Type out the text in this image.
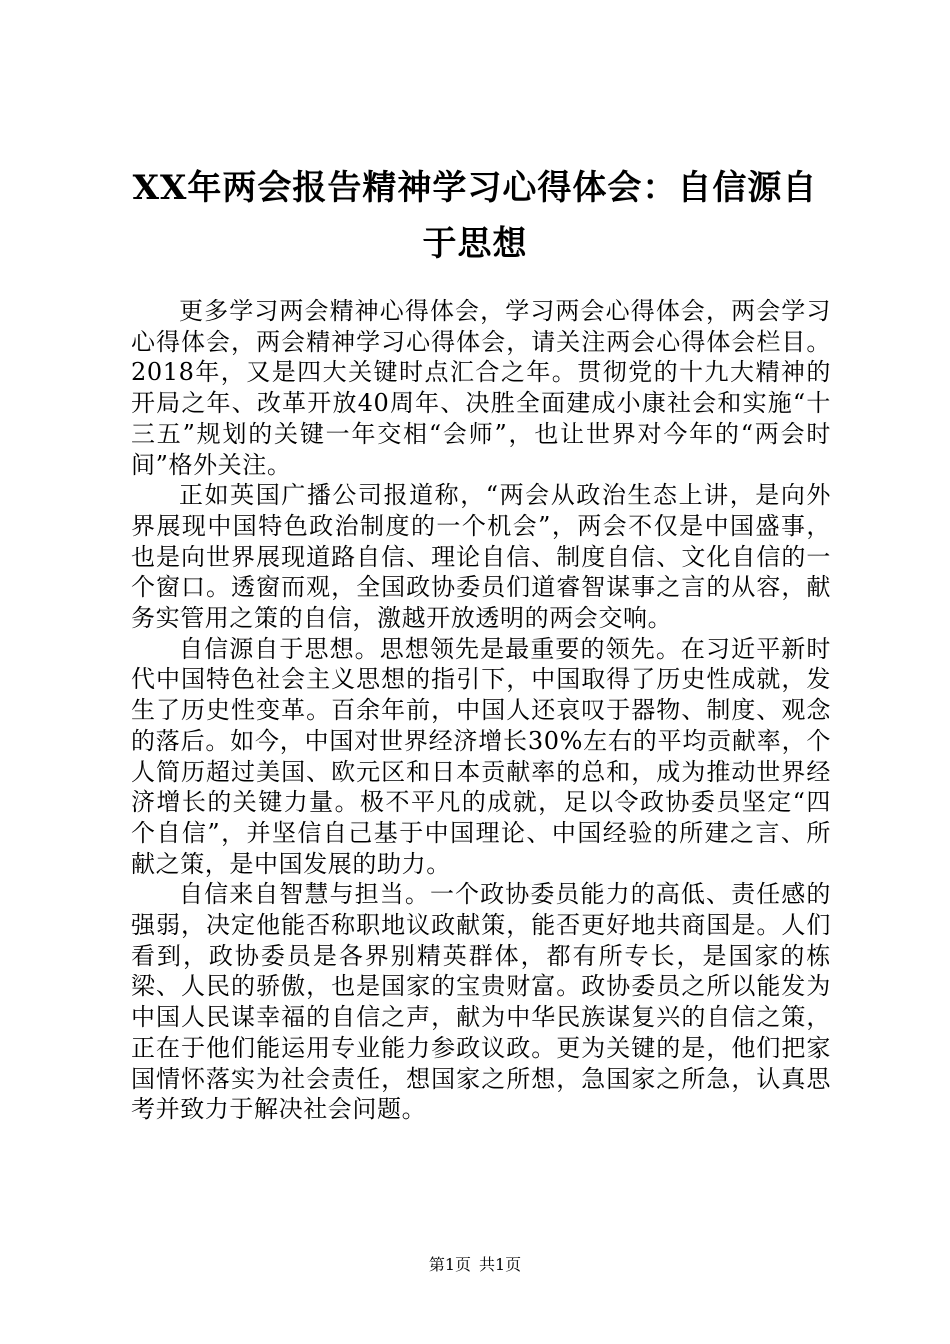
XX年两会报告精神学习心得体会：自信源自于思想

更多学习两会精神心得体会，学习两会心得体会，两会学习心得体会，两会精神学习心得体会，请关注两会心得体会栏目。2018年，又是四大关键时点汇合之年。贯彻党的十九大精神的开局之年、改革开放40周年、决胜全面建成小康社会和实施“十三五”规划的关键一年交相“会师”，也让世界对今年的“两会时间”格外关注。

正如英国广播公司报道称，“两会从政治生态上讲，是向外界展现中国特色政治制度的一个机会”，两会不仅是中国盛事，也是向世界展现道路自信、理论自信、制度自信、文化自信的一个窗口。透窗而观，全国政协委员们道睿智谋事之言的从容，献务实管用之策的自信，激越开放透明的两会交响。

自信源自于思想。思想领先是最重要的领先。在习近平新时代中国特色社会主义思想的指引下，中国取得了历史性成就，发生了历史性变革。百余年前，中国人还哀叹于器物、制度、观念的落后。如今，中国对世界经济增长30%左右的平均贡献率，个人简历超过美国、欧元区和日本贡献率的总和，成为推动世界经济增长的关键力量。极不平凡的成就，足以令政协委员坚定“四个自信”，并坚信自己基于中国理论、中国经验的所建之言、所献之策，是中国发展的助力。

自信来自智慧与担当。一个政协委员能力的高低、责任感的强弱，决定他能否称职地议政献策，能否更好地共商国是。人们看到，政协委员是各界别精英群体，都有所专长，是国家的栋梁、人民的骄傲，也是国家的宝贵财富。政协委员之所以能发为中国人民谋幸福的自信之声，献为中华民族谋复兴的自信之策，正在于他们能运用专业能力参政议政。更为关键的是，他们把家国情怀落实为社会责任，想国家之所想，急国家之所急，认真思考并致力于解决社会问题。

第1页 共1页
